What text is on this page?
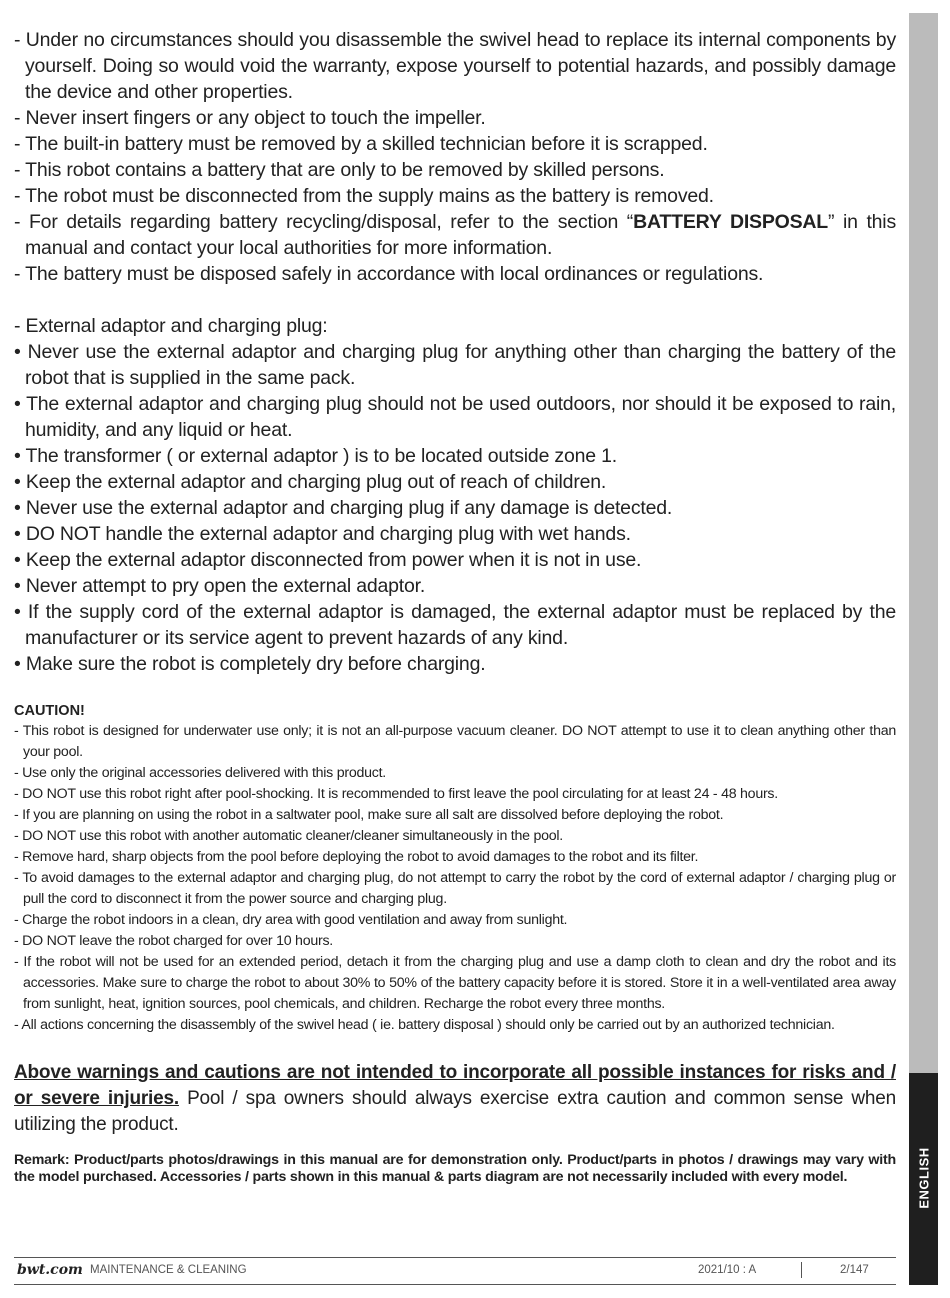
- Under no circumstances should you disassemble the swivel head to replace its internal components by yourself. Doing so would void the warranty, expose yourself to potential hazards, and possibly damage the device and other properties.
- Never insert fingers or any object to touch the impeller.
- The built-in battery must be removed by a skilled technician before it is scrapped.
- This robot contains a battery that are only to be removed by skilled persons.
- The robot must be disconnected from the supply mains as the battery is removed.
- For details regarding battery recycling/disposal, refer to the section “BATTERY DISPOSAL” in this manual and contact your local authorities for more information.
- The battery must be disposed safely in accordance with local ordinances or regulations.
- External adaptor and charging plug:
• Never use the external adaptor and charging plug for anything other than charging the battery of the robot that is supplied in the same pack.
• The external adaptor and charging plug should not be used outdoors, nor should it be exposed to rain, humidity, and any liquid or heat.
• The transformer ( or external adaptor ) is to be located outside zone 1.
• Keep the external adaptor and charging plug out of reach of children.
• Never use the external adaptor and charging plug if any damage is detected.
• DO NOT handle the external adaptor and charging plug with wet hands.
• Keep the external adaptor disconnected from power when it is not in use.
• Never attempt to pry open the external adaptor.
• If the supply cord of the external adaptor is damaged, the external adaptor must be replaced by the manufacturer or its service agent to prevent hazards of any kind.
• Make sure the robot is completely dry before charging.
CAUTION!
- This robot is designed for underwater use only; it is not an all-purpose vacuum cleaner. DO NOT attempt to use it to clean anything other than your pool.
- Use only the original accessories delivered with this product.
- DO NOT use this robot right after pool-shocking. It is recommended to first leave the pool circulating for at least 24 - 48 hours.
- If you are planning on using the robot in a saltwater pool, make sure all salt are dissolved before deploying the robot.
- DO NOT use this robot with another automatic cleaner/cleaner simultaneously in the pool.
- Remove hard, sharp objects from the pool before deploying the robot to avoid damages to the robot and its filter.
- To avoid damages to the external adaptor and charging plug, do not attempt to carry the robot by the cord of external adaptor / charging plug or pull the cord to disconnect it from the power source and charging plug.
- Charge the robot indoors in a clean, dry area with good ventilation and away from sunlight.
- DO NOT leave the robot charged for over 10 hours.
- If the robot will not be used for an extended period, detach it from the charging plug and use a damp cloth to clean and dry the robot and its accessories. Make sure to charge the robot to about 30% to 50% of the battery capacity before it is stored. Store it in a well-ventilated area away from sunlight, heat, ignition sources, pool chemicals, and children. Recharge the robot every three months.
- All actions concerning the disassembly of the swivel head ( ie. battery disposal ) should only be carried out by an authorized technician.
Above warnings and cautions are not intended to incorporate all possible instances for risks and / or severe injuries. Pool / spa owners should always exercise extra caution and common sense when utilizing the product.
Remark: Product/parts photos/drawings in this manual are for demonstration only. Product/parts in photos / drawings may vary with the model purchased. Accessories / parts shown in this manual & parts diagram are not necessarily included with every model.	ENGLISH
bwt.com MAINTENANCE & CLEANING	2021/10 : A	2/147
